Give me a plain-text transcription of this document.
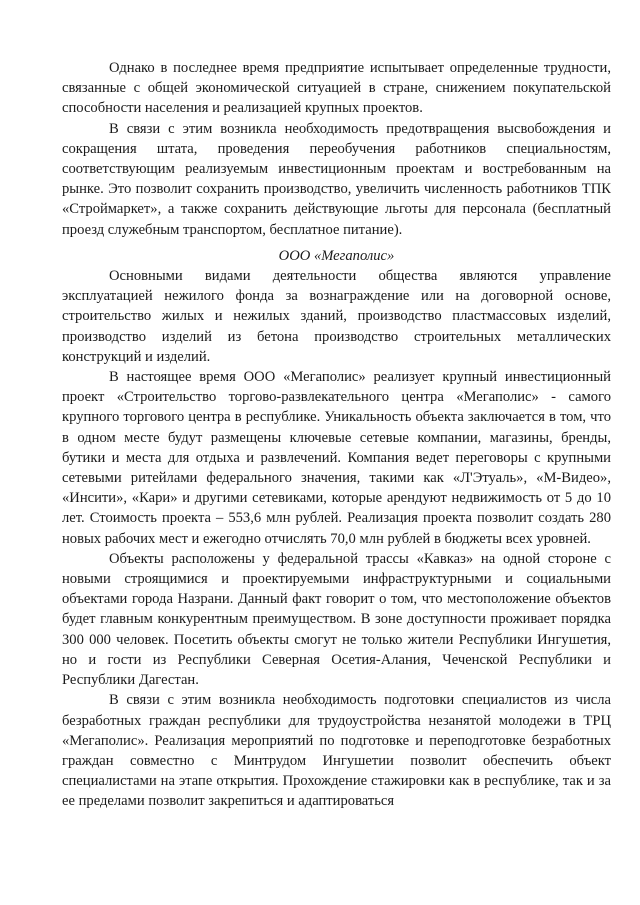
Однако в последнее время предприятие испытывает определенные трудности, связанные с общей экономической ситуацией в стране, снижением покупательской способности населения и реализацией крупных проектов.

В связи с этим возникла необходимость предотвращения высвобождения и сокращения штата, проведения переобучения работников специальностям, соответствующим реализуемым инвестиционным проектам и востребованным на рынке. Это позволит сохранить производство, увеличить численность работников ТПК «Строймаркет», а также сохранить действующие льготы для персонала (бесплатный проезд служебным транспортом, бесплатное питание).

ООО «Мегаполис»

Основными видами деятельности общества являются управление эксплуатацией нежилого фонда за вознаграждение или на договорной основе, строительство жилых и нежилых зданий, производство пластмассовых изделий, производство изделий из бетона производство строительных металлических конструкций и изделий.

В настоящее время ООО «Мегаполис» реализует крупный инвестиционный проект «Строительство торгово-развлекательного центра «Мегаполис» - самого крупного торгового центра в республике. Уникальность объекта заключается в том, что в одном месте будут размещены ключевые сетевые компании, магазины, бренды, бутики и места для отдыха и развлечений. Компания ведет переговоры с крупными сетевыми ритейлами федерального значения, такими как «Л'Этуаль», «М-Видео», «Инсити», «Кари» и другими сетевиками, которые арендуют недвижимость от 5 до 10 лет. Стоимость проекта – 553,6 млн рублей. Реализация проекта позволит создать 280 новых рабочих мест и ежегодно отчислять 70,0 млн рублей в бюджеты всех уровней.

Объекты расположены у федеральной трассы «Кавказ» на одной стороне с новыми строящимися и проектируемыми инфраструктурными и социальными объектами города Назрани. Данный факт говорит о том, что местоположение объектов будет главным конкурентным преимуществом. В зоне доступности проживает порядка 300 000 человек. Посетить объекты смогут не только жители Республики Ингушетия, но и гости из Республики Северная Осетия-Алания, Чеченской Республики и Республики Дагестан.

В связи с этим возникла необходимость подготовки специалистов из числа безработных граждан республики для трудоустройства незанятой молодежи в ТРЦ «Мегаполис». Реализация мероприятий по подготовке и переподготовке безработных граждан совместно с Минтрудом Ингушетии позволит обеспечить объект специалистами на этапе открытия. Прохождение стажировки как в республике, так и за ее пределами позволит закрепиться и адаптироваться
